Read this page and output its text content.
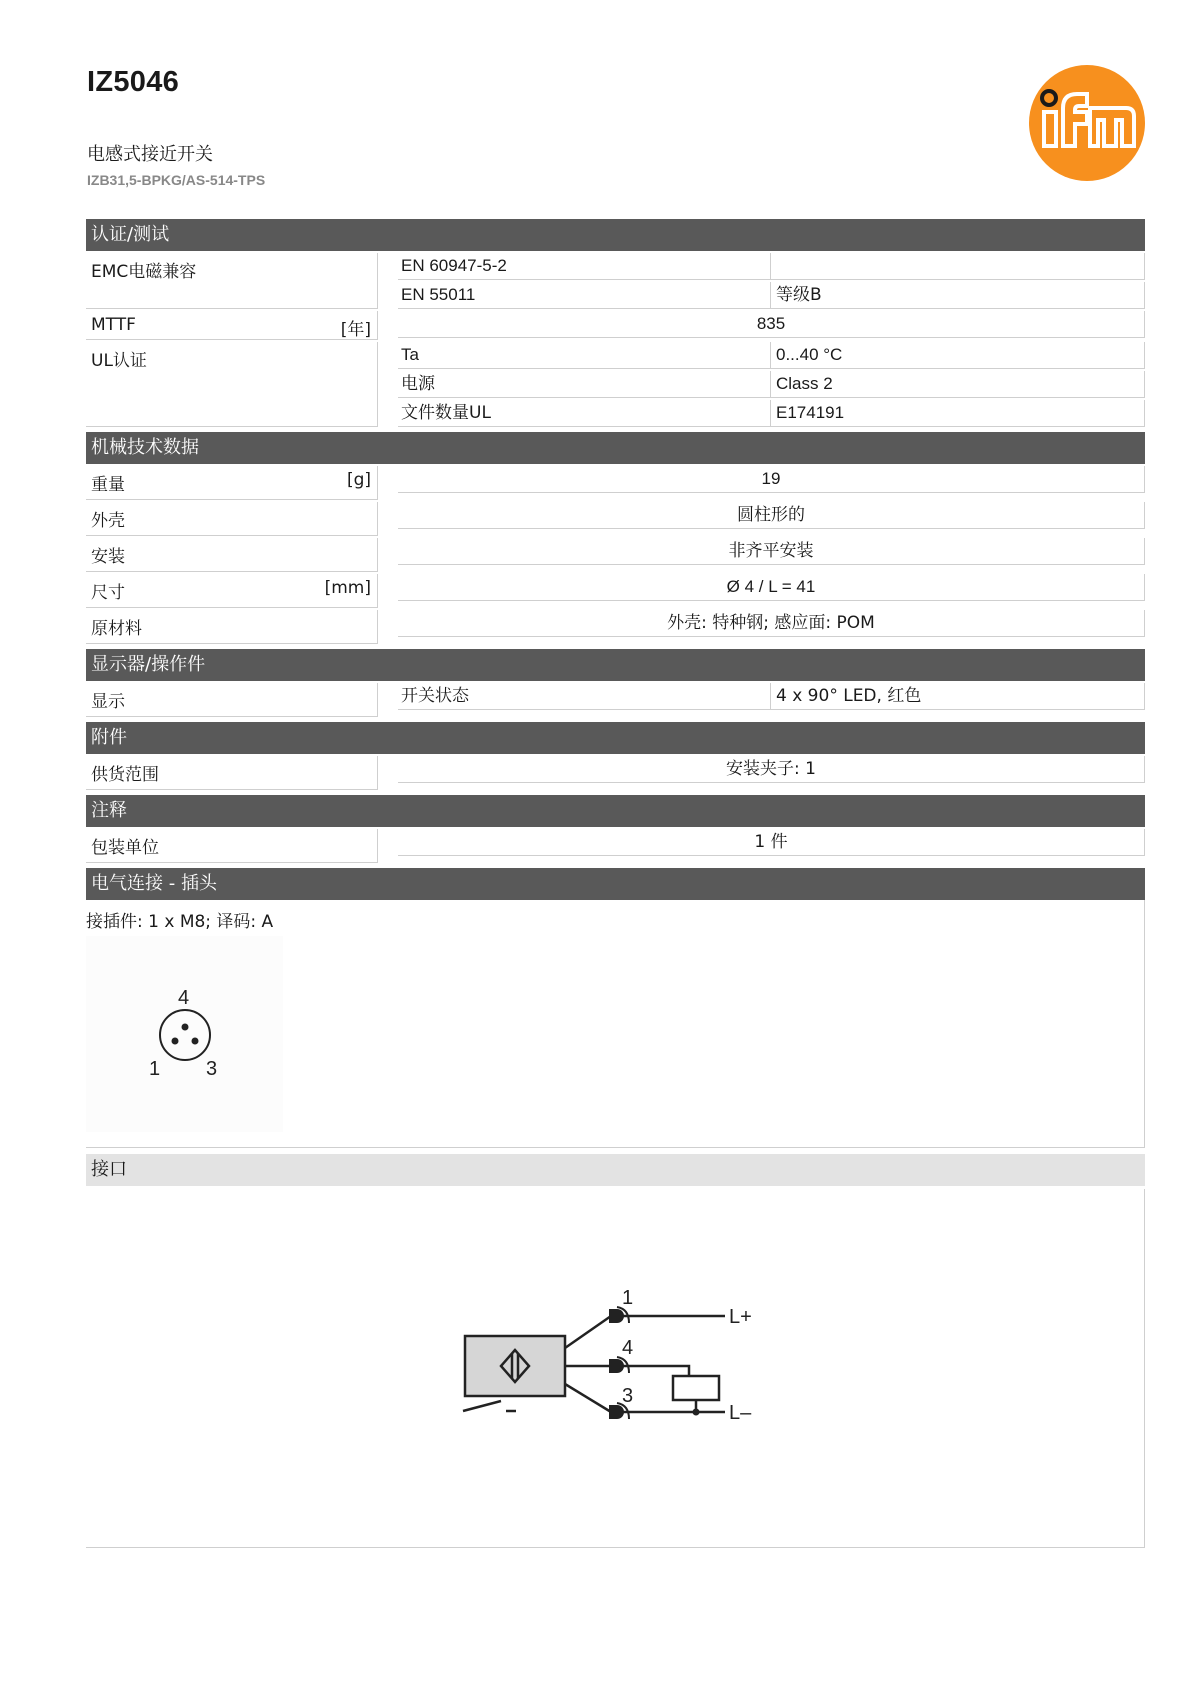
IZ5046
电感式接近开关
IZB31,5-BPKG/AS-514-TPS
认证/测试
EMC电磁兼容	EN 60947-5-2
EN 55011	等级B
MTTF	[年]	835
UL认证	Ta	0...40 °C
电源	Class 2
文件数量UL	E174191
机械技术数据
重量	[g]	19
外壳	圆柱形的
安装	非齐平安装
尺寸	[mm]	Ø 4 / L = 41
原材料	外壳: 特种钢; 感应面: POM
显示器/操作件
显示	开关状态	4 x 90° LED, 红色
附件
供货范围	安装夹子: 1
注释
包装单位	1 件
电气连接 - 插头
接插件: 1 x M8; 译码: A
4
1 3
接口
1
4
3
L+
L–
